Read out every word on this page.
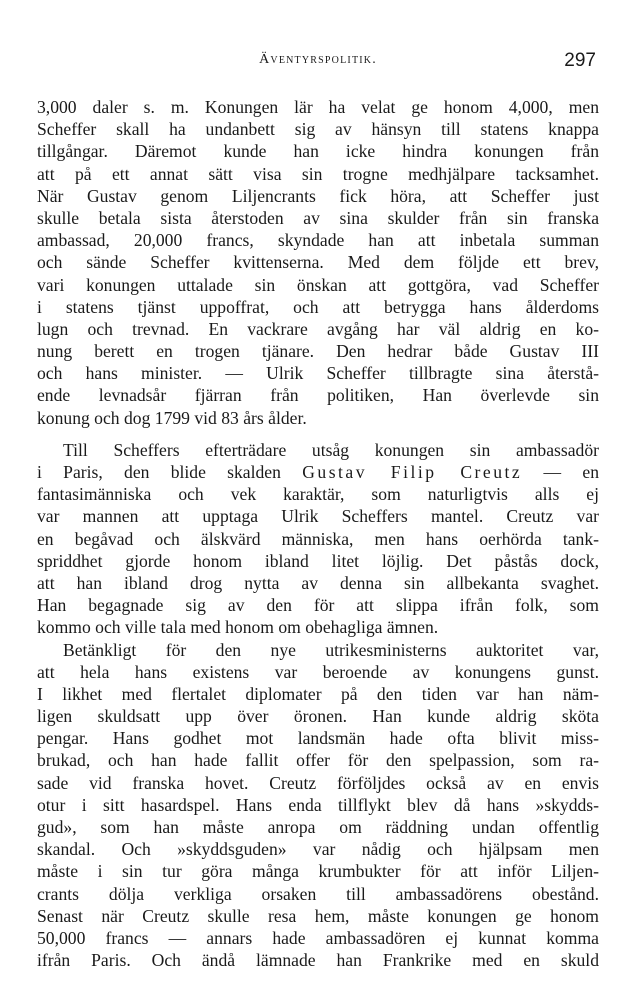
Äventyrspolitik.	297

3,000 daler s. m. Konungen lär ha velat ge honom 4,000, men
Scheffer skall ha undanbett sig av hänsyn till statens knappa
tillgångar. Däremot kunde han icke hindra konungen från
att på ett annat sätt visa sin trogne medhjälpare tacksamhet.
När Gustav genom Liljencrants fick höra, att Scheffer just
skulle betala sista återstoden av sina skulder från sin franska
ambassad, 20,000 francs, skyndade han att inbetala summan
och sände Scheffer kvittenserna. Med dem följde ett brev,
vari konungen uttalade sin önskan att gottgöra, vad Scheffer
i statens tjänst uppoffrat, och att betrygga hans ålderdoms
lugn och trevnad. En vackrare avgång har väl aldrig en ko-
nung berett en trogen tjänare. Den hedrar både Gustav III
och hans minister. — Ulrik Scheffer tillbragte sina återstå-
ende levnadsår fjärran från politiken, Han överlevde sin
konung och dog 1799 vid 83 års ålder.

Till Scheffers efterträdare utsåg konungen sin ambassadör
i Paris, den blide skalden Gustav Filip Creutz — en
fantasimänniska och vek karaktär, som naturligtvis alls ej
var mannen att upptaga Ulrik Scheffers mantel. Creutz var
en begåvad och älskvärd människa, men hans oerhörda tank-
spriddhet gjorde honom ibland litet löjlig. Det påstås dock,
att han ibland drog nytta av denna sin allbekanta svaghet.
Han begagnade sig av den för att slippa ifrån folk, som
kommo och ville tala med honom om obehagliga ämnen.

Betänkligt för den nye utrikesministerns auktoritet var,
att hela hans existens var beroende av konungens gunst.
I likhet med flertalet diplomater på den tiden var han näm-
ligen skuldsatt upp över öronen. Han kunde aldrig sköta
pengar. Hans godhet mot landsmän hade ofta blivit miss-
brukad, och han hade fallit offer för den spelpassion, som ra-
sade vid franska hovet. Creutz förföljdes också av en envis
otur i sitt hasardspel. Hans enda tillflykt blev då hans »skydds-
gud», som han måste anropa om räddning undan offentlig
skandal. Och »skyddsguden» var nådig och hjälpsam men
måste i sin tur göra många krumbukter för att inför Liljen-
crants dölja verkliga orsaken till ambassadörens obestånd.
Senast när Creutz skulle resa hem, måste konungen ge honom
50,000 francs — annars hade ambassadören ej kunnat komma
ifrån Paris. Och ändå lämnade han Frankrike med en skuld
